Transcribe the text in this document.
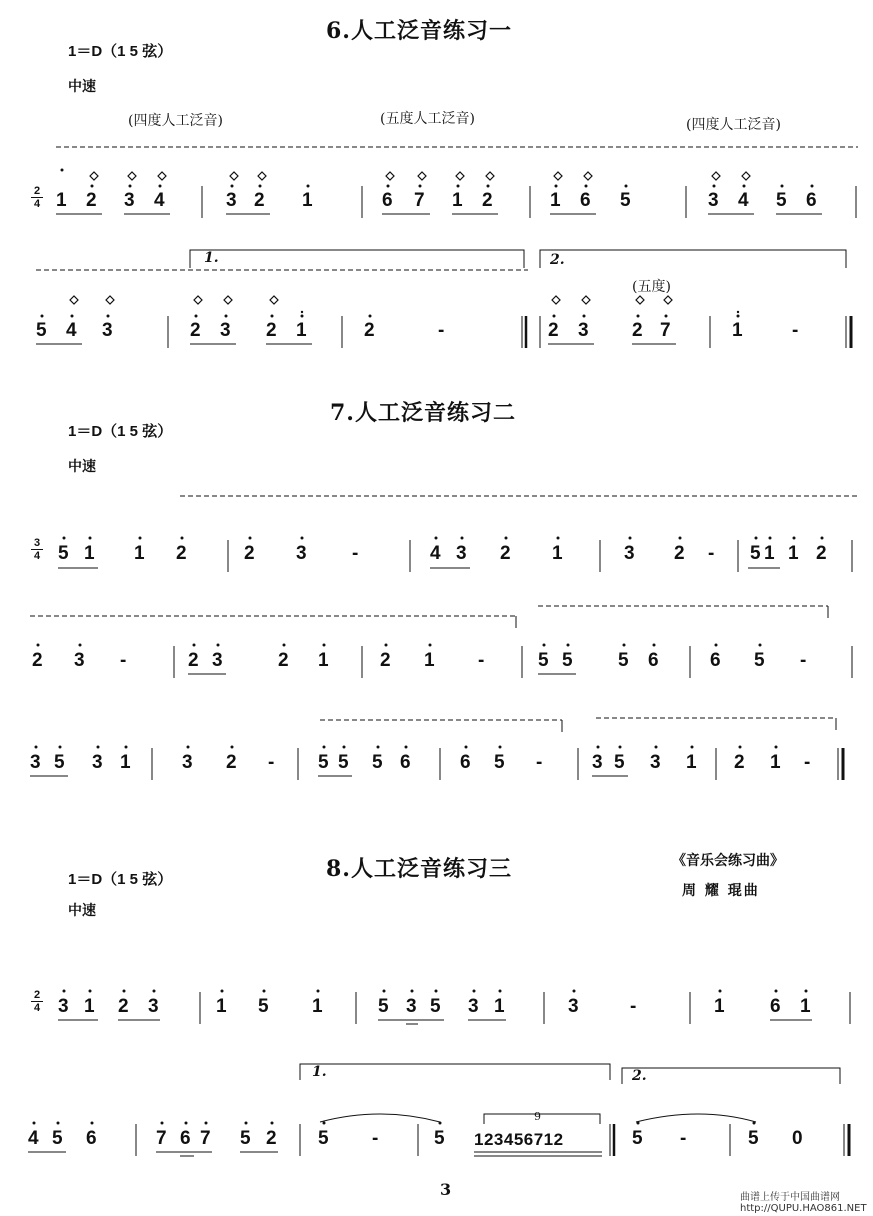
6.人工泛音练习一
1＝D（1 5 弦）
中速
(四度人工泛音)	(五度人工泛音)	(四度人工泛音)
(五度)
2
4
1.	2.
1 2 3 4	3 2 1	6 7 1 2	1 6 5	3 4 5 6
5 4 3	2 3 2 1	2	-	2 3 2 7	1	-
7.人工泛音练习二
1＝D（1 5 弦）
中速
3
4 5 1 1 2	2 3 -	4 3 2 1	3 2 - 5 1 1 2
2 3 -	2 3	2 1	2 1 -	5 5 5 6	6 5 -
3 5 3 1	3 2 - 5 5 5 6	6 5 -	3 5 3 1 2 1 -
1＝D（1 5 弦）	8.人工泛音练习三	《音乐会练习曲》
周 耀 琨曲
中速
2
4
1.	2.
9
3 1 2 3	1 5 1	5 3 5 3 1	3	-	1 6 1
4 5 6	7 6 7 5 2 5 -	5 123456712	5 -	5 0
3	曲谱上传于中国曲谱网
http://QUPU.HAO861.NET
